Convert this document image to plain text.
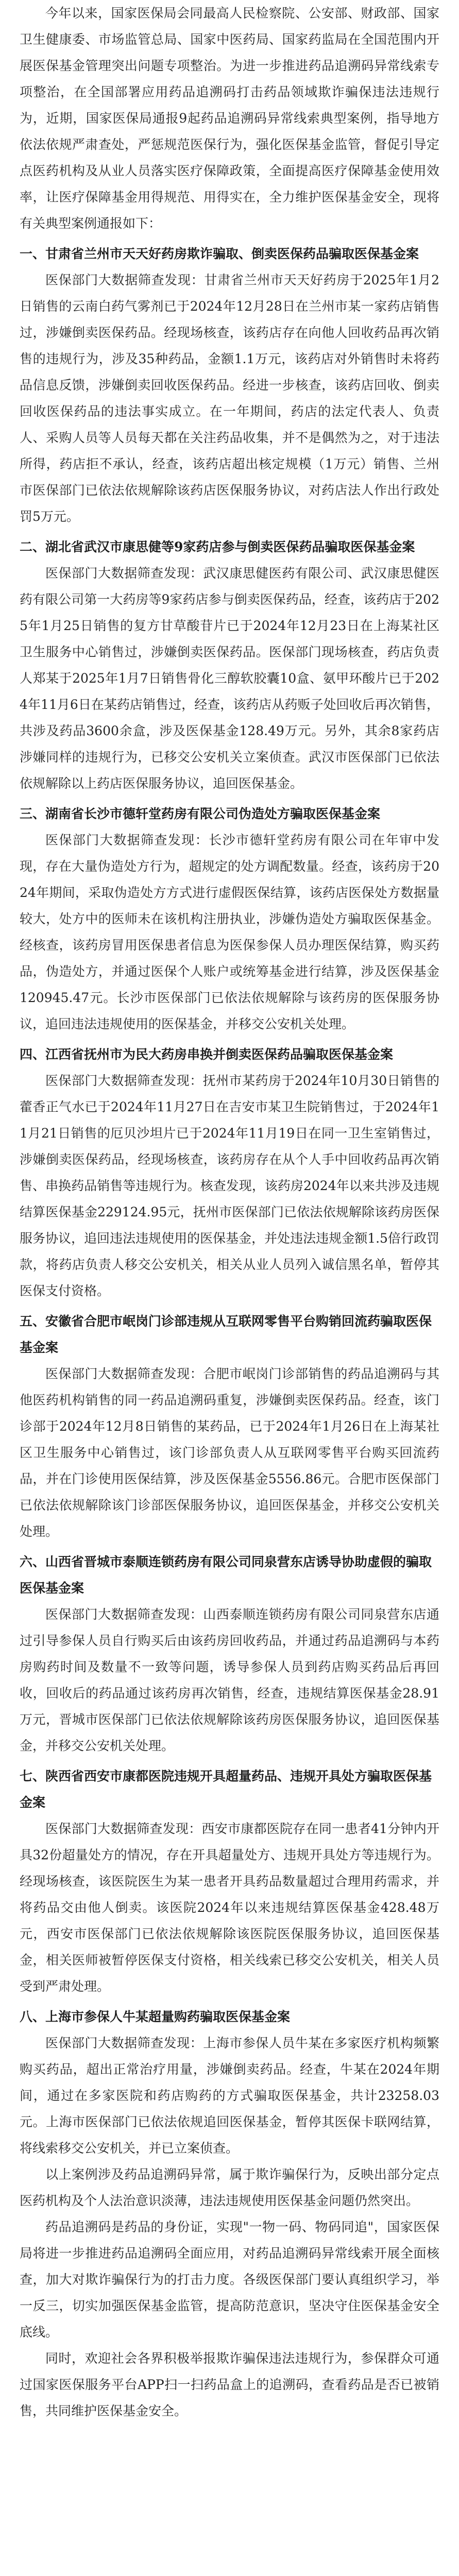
今年以来，国家医保局会同最高人民检察院、公安部、财政部、国家卫生健康委、市场监管总局、国家中医药局、国家药监局在全国范围内开展医保基金管理突出问题专项整治。为进一步推进药品追溯码异常线索专项整治，在全国部署应用药品追溯码打击药品领域欺诈骗保违法违规行为，近期，国家医保局通报9起药品追溯码异常线索典型案例，指导地方依法依规严肃查处，严惩规范医保行为，强化医保基金监管，督促引导定点医药机构及从业人员落实医疗保障政策，全面提高医疗保障基金使用效率，让医疗保障基金用得规范、用得实在，全力维护医保基金安全，现将有关典型案例通报如下：

一、甘肃省兰州市天天好药房欺诈骗取、倒卖医保药品骗取医保基金案

医保部门大数据筛查发现：甘肃省兰州市天天好药房于2025年1月2日销售的云南白药气雾剂已于2024年12月28日在兰州市某一家药店销售过，涉嫌倒卖医保药品。经现场核查，该药店存在向他人回收药品再次销售的违规行为，涉及35种药品，金额1.1万元，该药店对外销售时未将药品信息反馈，涉嫌倒卖回收医保药品。经进一步核查，该药店回收、倒卖回收医保药品的违法事实成立。在一年期间，药店的法定代表人、负责人、采购人员等人员每天都在关注药品收集，并不是偶然为之，对于违法所得，药店拒不承认，经查，该药店超出核定规模（1万元）销售、兰州市医保部门已依法依规解除该药店医保服务协议，对药店法人作出行政处罚5万元。

二、湖北省武汉市康思健等9家药店参与倒卖医保药品骗取医保基金案

医保部门大数据筛查发现：武汉康思健医药有限公司、武汉康思健医药有限公司第一大药房等9家药店参与倒卖医保药品，经查，该药店于2025年1月25日销售的复方甘草酸苷片已于2024年12月23日在上海某社区卫生服务中心销售过，涉嫌倒卖医保药品。医保部门现场核查，药店负责人郑某于2025年1月7日销售骨化三醇软胶囊10盒、氨甲环酸片已于2024年11月6日在某药店销售过，经查，该药店从药贩子处回收后再次销售，共涉及药品3600余盒，涉及医保基金128.49万元。另外，其余8家药店涉嫌同样的违规行为，已移交公安机关立案侦查。武汉市医保部门已依法依规解除以上药店医保服务协议，追回医保基金。

三、湖南省长沙市德轩堂药房有限公司伪造处方骗取医保基金案

医保部门大数据筛查发现：长沙市德轩堂药房有限公司在年审中发现，存在大量伪造处方行为，超规定的处方调配数量。经查，该药房于2024年期间，采取伪造处方方式进行虚假医保结算，该药店医保处方数据量较大，处方中的医师未在该机构注册执业，涉嫌伪造处方骗取医保基金。经核查，该药房冒用医保患者信息为医保参保人员办理医保结算，购买药品，伪造处方，并通过医保个人账户或统筹基金进行结算，涉及医保基金120945.47元。长沙市医保部门已依法依规解除与该药房的医保服务协议，追回违法违规使用的医保基金，并移交公安机关处理。

四、江西省抚州市为民大药房串换并倒卖医保药品骗取医保基金案

医保部门大数据筛查发现：抚州市某药房于2024年10月30日销售的藿香正气水已于2024年11月27日在吉安市某卫生院销售过，于2024年11月21日销售的厄贝沙坦片已于2024年11月19日在同一卫生室销售过，涉嫌倒卖医保药品，经现场核查，该药房存在从个人手中回收药品再次销售、串换药品销售等违规行为。核查发现，该药房2024年以来共涉及违规结算医保基金229124.95元，抚州市医保部门已依法依规解除该药房医保服务协议，追回违法违规使用的医保基金，并处违法违规金额1.5倍行政罚款，将药店负责人移交公安机关，相关从业人员列入诚信黑名单，暂停其医保支付资格。

五、安徽省合肥市岷岗门诊部违规从互联网零售平台购销回流药骗取医保基金案

医保部门大数据筛查发现：合肥市岷岗门诊部销售的药品追溯码与其他医药机构销售的同一药品追溯码重复，涉嫌倒卖医保药品。经查，该门诊部于2024年12月8日销售的某药品，已于2024年1月26日在上海某社区卫生服务中心销售过，该门诊部负责人从互联网零售平台购买回流药品，并在门诊使用医保结算，涉及医保基金5556.86元。合肥市医保部门已依法依规解除该门诊部医保服务协议，追回医保基金，并移交公安机关处理。

六、山西省晋城市泰顺连锁药房有限公司同泉营东店诱导协助虚假的骗取医保基金案

医保部门大数据筛查发现：山西泰顺连锁药房有限公司同泉营东店通过引导参保人员自行购买后由该药房回收药品，并通过药品追溯码与本药房购药时间及数量不一致等问题，诱导参保人员到药店购买药品后再回收，回收后的药品通过该药房再次销售，经查，违规结算医保基金28.91万元，晋城市医保部门已依法依规解除该药房医保服务协议，追回医保基金，并移交公安机关处理。

七、陕西省西安市康都医院违规开具超量药品、违规开具处方骗取医保基金案

医保部门大数据筛查发现：西安市康都医院存在同一患者41分钟内开具32份超量处方的情况，存在开具超量处方、违规开具处方等违规行为。经现场核查，该医院医生为某一患者开具药品数量超过合理用药需求，并将药品交由他人倒卖。该医院2024年以来违规结算医保基金428.48万元，西安市医保部门已依法依规解除该医院医保服务协议，追回医保基金，相关医师被暂停医保支付资格，相关线索已移交公安机关，相关人员受到严肃处理。

八、上海市参保人牛某超量购药骗取医保基金案

医保部门大数据筛查发现：上海市参保人员牛某在多家医疗机构频繁购买药品，超出正常治疗用量，涉嫌倒卖药品。经查，牛某在2024年期间，通过在多家医院和药店购药的方式骗取医保基金，共计23258.03元。上海市医保部门已依法依规追回医保基金，暂停其医保卡联网结算，将线索移交公安机关，并已立案侦查。

以上案例涉及药品追溯码异常，属于欺诈骗保行为，反映出部分定点医药机构及个人法治意识淡薄，违法违规使用医保基金问题仍然突出。

药品追溯码是药品的身份证，实现"一物一码、物码同追"，国家医保局将进一步推进药品追溯码全面应用，对药品追溯码异常线索开展全面核查，加大对欺诈骗保行为的打击力度。各级医保部门要认真组织学习，举一反三，切实加强医保基金监管，提高防范意识，坚决守住医保基金安全底线。

同时，欢迎社会各界积极举报欺诈骗保违法违规行为，参保群众可通过国家医保服务平台APP扫一扫药品盒上的追溯码，查看药品是否已被销售，共同维护医保基金安全。
